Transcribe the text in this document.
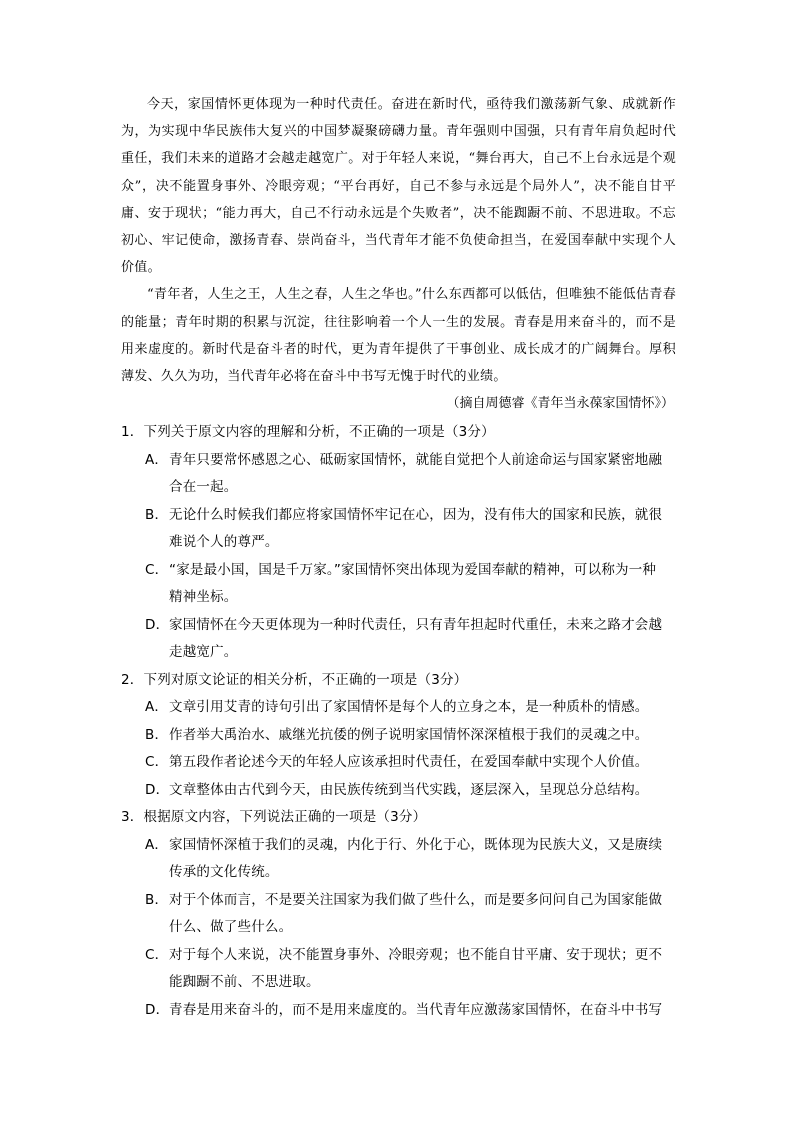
今天，家国情怀更体现为一种时代责任。奋进在新时代，亟待我们激荡新气象、成就新作为，为实现中华民族伟大复兴的中国梦凝聚磅礴力量。青年强则中国强，只有青年肩负起时代重任，我们未来的道路才会越走越宽广。对于年轻人来说，“舞台再大，自己不上台永远是个观众”，决不能置身事外、冷眼旁观；“平台再好，自己不参与永远是个局外人”，决不能自甘平庸、安于现状；“能力再大，自己不行动永远是个失败者”，决不能踟蹰不前、不思进取。不忘初心、牢记使命，激扬青春、崇尚奋斗，当代青年才能不负使命担当，在爱国奉献中实现个人价值。

“青年者，人生之王，人生之春，人生之华也。”什么东西都可以低估，但唯独不能低估青春的能量；青年时期的积累与沉淀，往往影响着一个人一生的发展。青春是用来奋斗的，而不是用来虚度的。新时代是奋斗者的时代，更为青年提供了干事创业、成长成才的广阔舞台。厚积薄发、久久为功，当代青年必将在奋斗中书写无愧于时代的业绩。

（摘自周德睿《青年当永葆家国情怀》）
1．下列关于原文内容的理解和分析，不正确的一项是（3分）
A． 青年只要常怀感恩之心、砥砺家国情怀，就能自觉把个人前途命运与国家紧密地融
合在一起。
B． 无论什么时候我们都应将家国情怀牢记在心，因为，没有伟大的国家和民族，就很
难说个人的尊严。
C． “家是最小国，国是千万家。”家国情怀突出体现为爱国奉献的精神，可以称为一种
精神坐标。
D． 家国情怀在今天更体现为一种时代责任，只有青年担起时代重任，未来之路才会越
走越宽广。
2．下列对原文论证的相关分析，不正确的一项是（3分）
A． 文章引用艾青的诗句引出了家国情怀是每个人的立身之本，是一种质朴的情感。
B． 作者举大禹治水、戚继光抗倭的例子说明家国情怀深深植根于我们的灵魂之中。
C． 第五段作者论述今天的年轻人应该承担时代责任，在爱国奉献中实现个人价值。
D． 文章整体由古代到今天，由民族传统到当代实践，逐层深入，呈现总分总结构。
3．根据原文内容，下列说法正确的一项是（3分）
A． 家国情怀深植于我们的灵魂，内化于行、外化于心，既体现为民族大义，又是赓续
传承的文化传统。
B． 对于个体而言，不是要关注国家为我们做了些什么，而是要多问问自己为国家能做
什么、做了些什么。
C． 对于每个人来说，决不能置身事外、冷眼旁观；也不能自甘平庸、安于现状；更不
能踟蹰不前、不思进取。
D． 青春是用来奋斗的，而不是用来虚度的。当代青年应激荡家国情怀，在奋斗中书写
